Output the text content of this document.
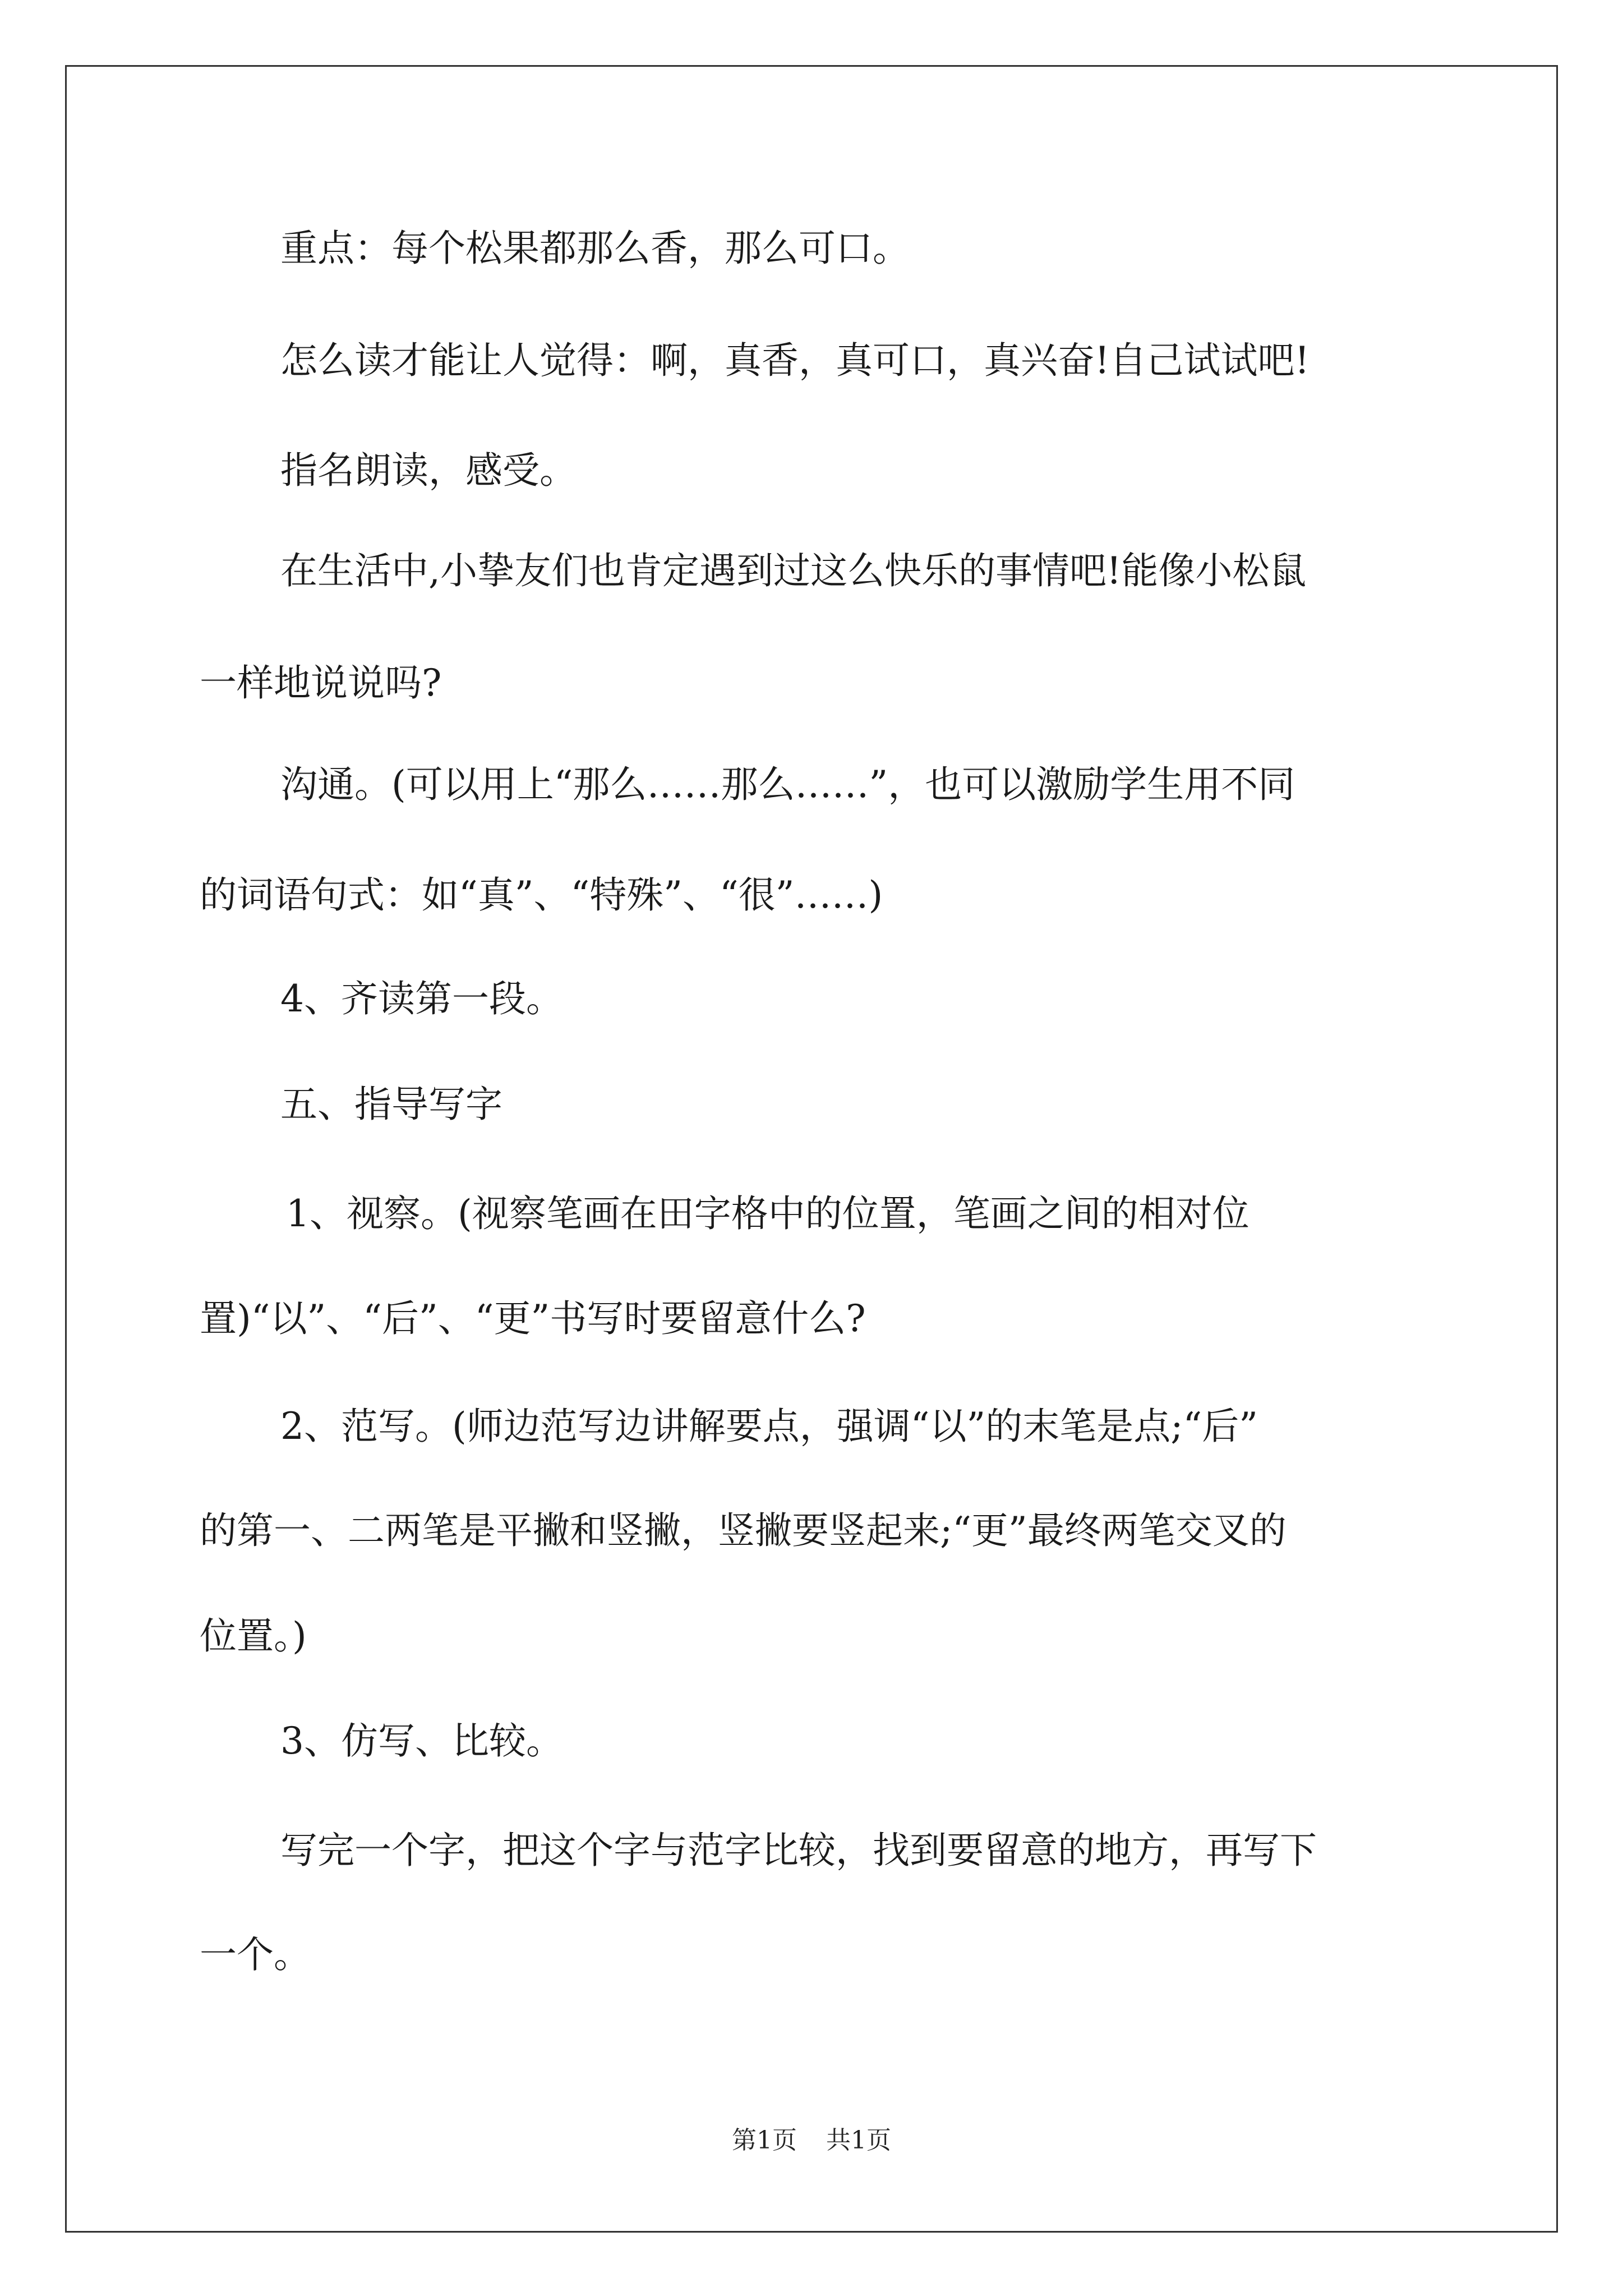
重点：每个松果都那么香，那么可口。

怎么读才能让人觉得：啊，真香，真可口，真兴奋!自己试试吧!

指名朗读，感受。

在生活中,小挚友们也肯定遇到过这么快乐的事情吧!能像小松鼠

一样地说说吗?

沟通。(可以用上“那么……那么……”，也可以激励学生用不同

的词语句式：如“真”、“特殊”、“很”……)

4、齐读第一段。

五、指导写字

1、视察。(视察笔画在田字格中的位置，笔画之间的相对位

置)“以”、“后”、“更”书写时要留意什么?

2、范写。(师边范写边讲解要点，强调“以”的末笔是点;“后”

的第一、二两笔是平撇和竖撇，竖撇要竖起来;“更”最终两笔交叉的

位置。)

3、仿写、比较。

写完一个字，把这个字与范字比较，找到要留意的地方，再写下

一个。

第1页 共1页
